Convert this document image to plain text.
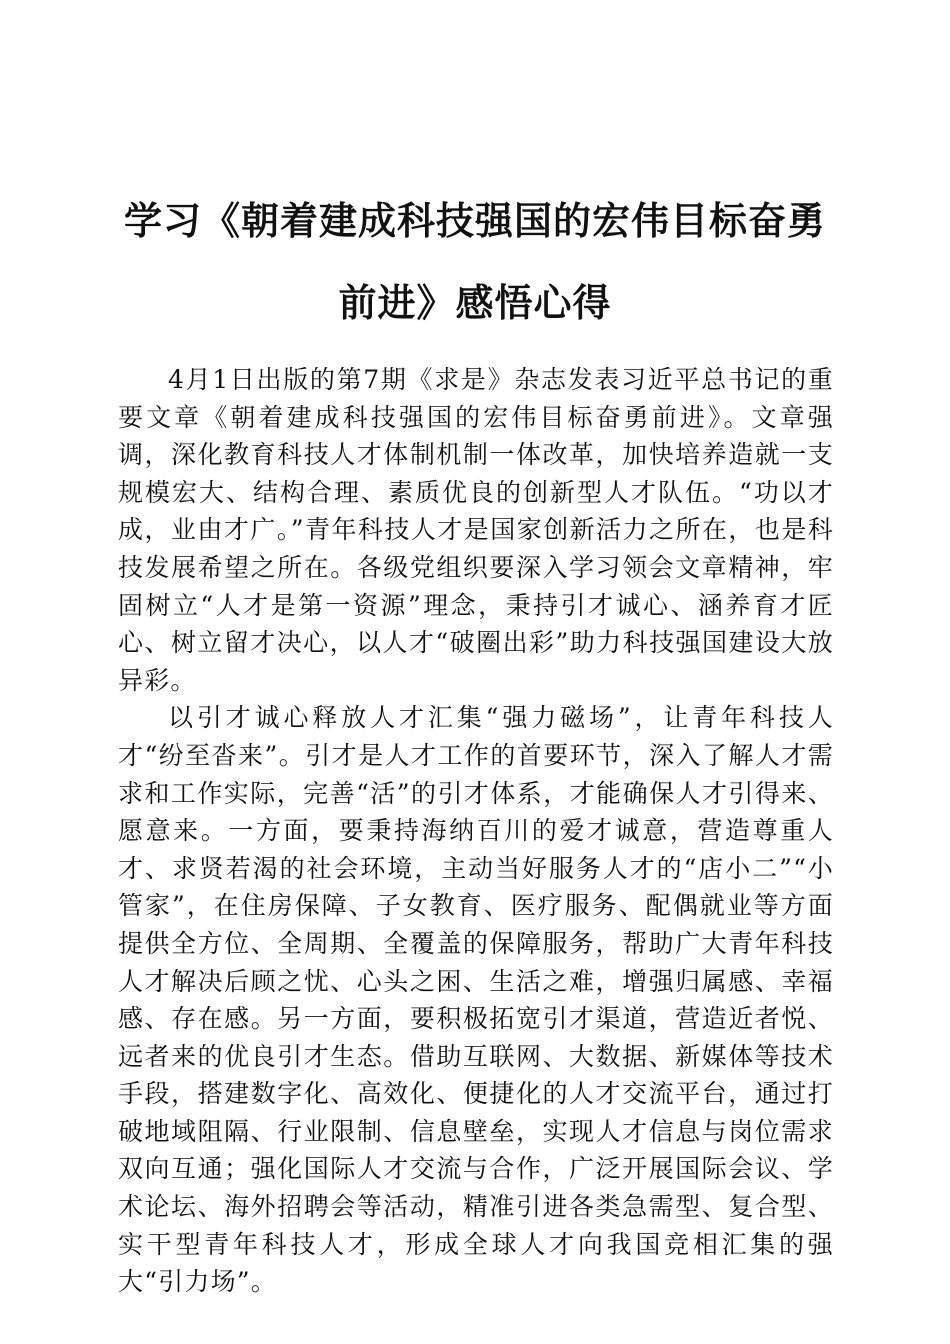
学习《朝着建成科技强国的宏伟目标奋勇前进》感悟心得

4月1日出版的第7期《求是》杂志发表习近平总书记的重要文章《朝着建成科技强国的宏伟目标奋勇前进》。文章强调，深化教育科技人才体制机制一体改革，加快培养造就一支规模宏大、结构合理、素质优良的创新型人才队伍。“功以才成，业由才广。”青年科技人才是国家创新活力之所在，也是科技发展希望之所在。各级党组织要深入学习领会文章精神，牢固树立“人才是第一资源”理念，秉持引才诚心、涵养育才匠心、树立留才决心，以人才“破圈出彩”助力科技强国建设大放异彩。

以引才诚心释放人才汇集“强力磁场”，让青年科技人才“纷至沓来”。引才是人才工作的首要环节，深入了解人才需求和工作实际，完善“活”的引才体系，才能确保人才引得来、愿意来。一方面，要秉持海纳百川的爱才诚意，营造尊重人才、求贤若渴的社会环境，主动当好服务人才的“店小二”“小管家”，在住房保障、子女教育、医疗服务、配偶就业等方面提供全方位、全周期、全覆盖的保障服务，帮助广大青年科技人才解决后顾之忧、心头之困、生活之难，增强归属感、幸福感、存在感。另一方面，要积极拓宽引才渠道，营造近者悦、远者来的优良引才生态。借助互联网、大数据、新媒体等技术手段，搭建数字化、高效化、便捷化的人才交流平台，通过打破地域阻隔、行业限制、信息壁垒，实现人才信息与岗位需求双向互通；强化国际人才交流与合作，广泛开展国际会议、学术论坛、海外招聘会等活动，精准引进各类急需型、复合型、实干型青年科技人才，形成全球人才向我国竞相汇集的强大“引力场”。
